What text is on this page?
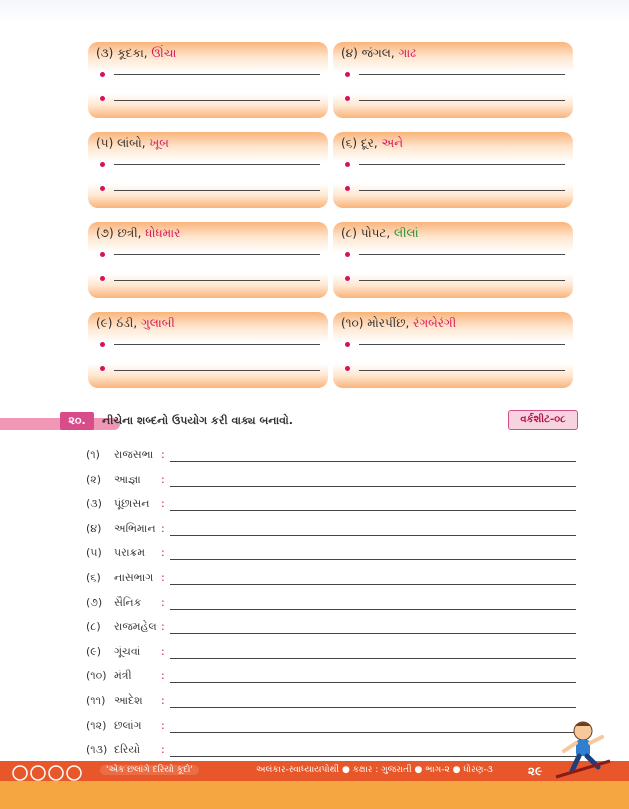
(૩) કૂદકા, ઊંચા	(૪) જંગલ, ગાઢ
(૫) લાંબો, ખૂબ	(૬) દૂર, અને
(૭) છત્રી, ધોધમાર	(૮) પોપટ, લીલાં
(૯) ઠંડી, ગુલાબી	(૧૦) મોરપીંછ, રંગબેરંગી
૨૦.	નીચેના શબ્દનો ઉપયોગ કરી વાક્ય બનાવો.	વર્કશીટ-૦૮
(૧) રાજસભા :
(૨) આજ્ઞા :
(૩) પૂંછાસન :
(૪) અભિમાન :
(૫) પરાક્રમ :
(૬) નાસભાગ :
(૭) સૈનિક :
(૮) રાજમહેલ :
(૯) ગૂંચવાં :
(૧૦) મંત્રી	:
(૧૧) આદેશ :
(૧૨) છલાંગ :
(૧૩) દરિયો :
'એક છલાંગે દરિયો કૂદો'	અલંકાર-સ્વાધ્યાયપોથી ● કક્ષાર : ગુજરાતી ● ભાગ-૨ ● ધોરણ-૩	૨૯
